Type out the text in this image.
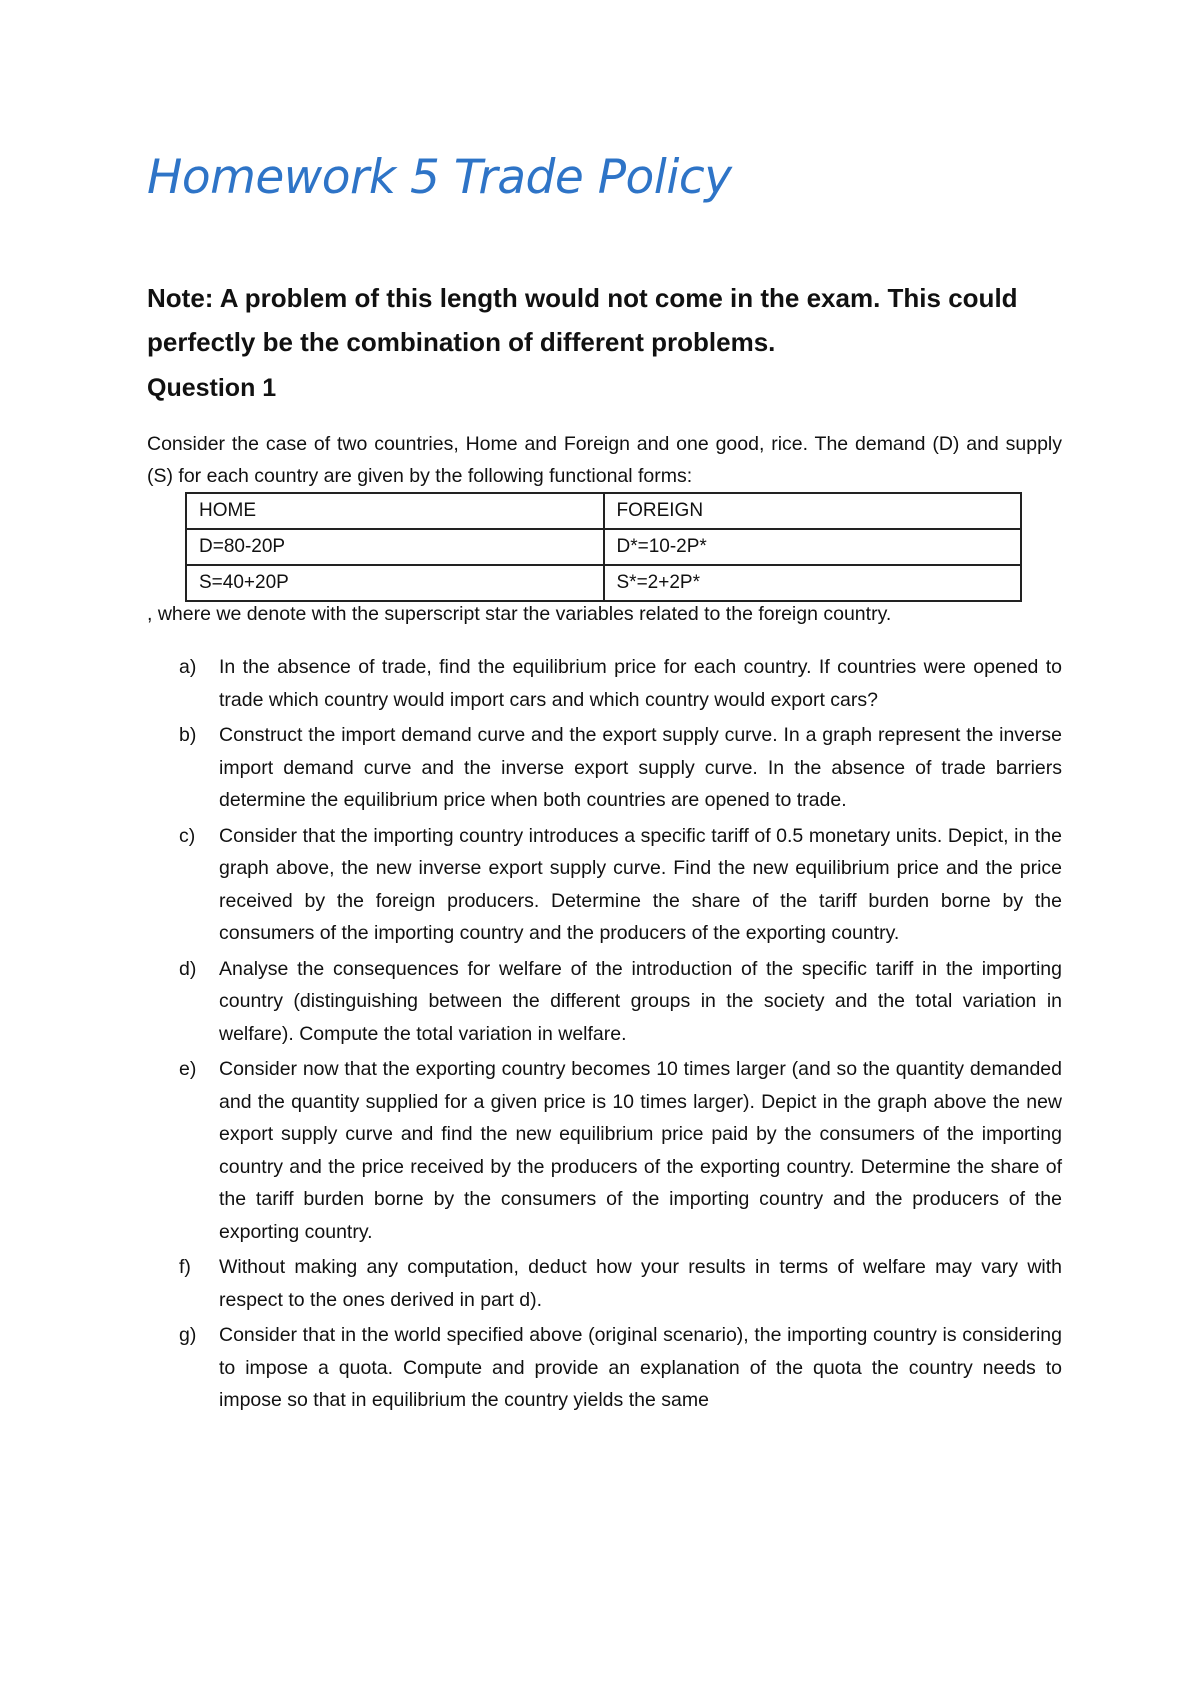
Homework 5 Trade Policy

Note: A problem of this length would not come in the exam. This could perfectly be the combination of different problems.

Question 1

Consider the case of two countries, Home and Foreign and one good, rice. The demand (D) and supply (S) for each country are given by the following functional forms:

HOME	FOREIGN
D=80-20P	D*=10-2P*
S=40+20P	S*=2+2P*

, where we denote with the superscript star the variables related to the foreign country.

a) In the absence of trade, find the equilibrium price for each country. If countries were opened to trade which country would import cars and which country would export cars?
b) Construct the import demand curve and the export supply curve. In a graph represent the inverse import demand curve and the inverse export supply curve. In the absence of trade barriers determine the equilibrium price when both countries are opened to trade.
c) Consider that the importing country introduces a specific tariff of 0.5 monetary units. Depict, in the graph above, the new inverse export supply curve. Find the new equilibrium price and the price received by the foreign producers. Determine the share of the tariff burden borne by the consumers of the importing country and the producers of the exporting country.
d) Analyse the consequences for welfare of the introduction of the specific tariff in the importing country (distinguishing between the different groups in the society and the total variation in welfare). Compute the total variation in welfare.
e) Consider now that the exporting country becomes 10 times larger (and so the quantity demanded and the quantity supplied for a given price is 10 times larger). Depict in the graph above the new export supply curve and find the new equilibrium price paid by the consumers of the importing country and the price received by the producers of the exporting country. Determine the share of the tariff burden borne by the consumers of the importing country and the producers of the exporting country.
f) Without making any computation, deduct how your results in terms of welfare may vary with respect to the ones derived in part d).
g) Consider that in the world specified above (original scenario), the importing country is considering to impose a quota. Compute and provide an explanation of the quota the country needs to impose so that in equilibrium the country yields the same
